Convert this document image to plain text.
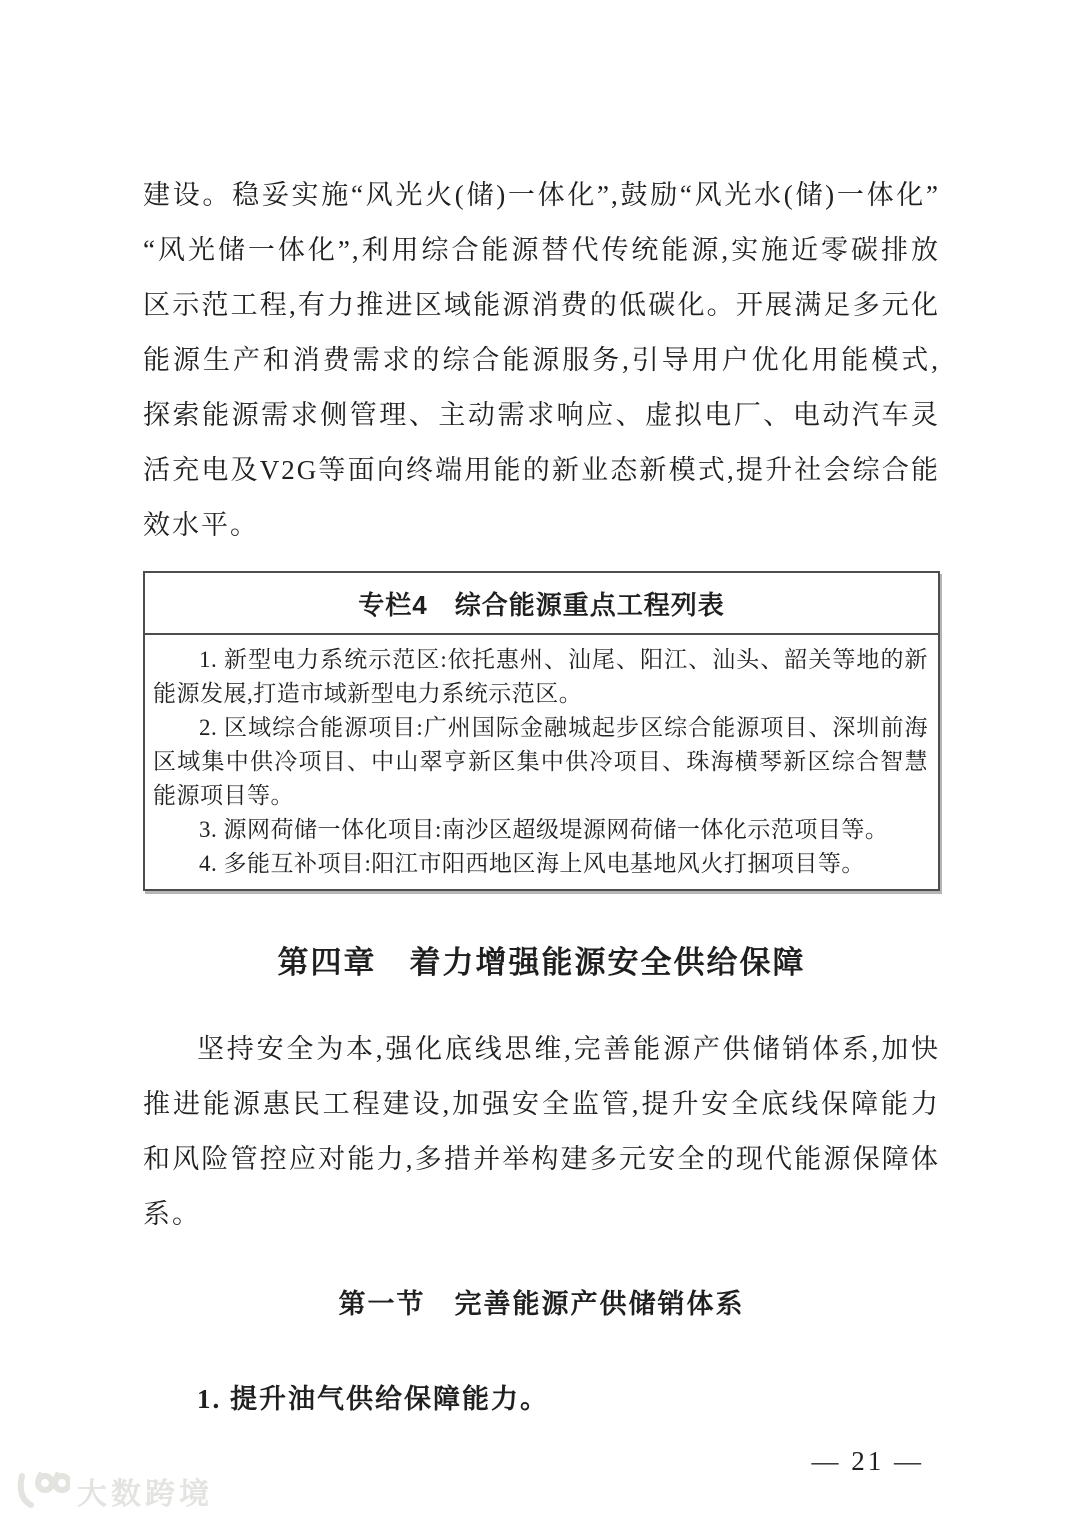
建设。稳妥实施“风光火(储)一体化”,鼓励“风光水(储)一体化”“风光储一体化”,利用综合能源替代传统能源,实施近零碳排放区示范工程,有力推进区域能源消费的低碳化。开展满足多元化能源生产和消费需求的综合能源服务,引导用户优化用能模式,探索能源需求侧管理、主动需求响应、虚拟电厂、电动汽车灵活充电及V2G等面向终端用能的新业态新模式,提升社会综合能效水平。

专栏4　综合能源重点工程列表

1. 新型电力系统示范区:依托惠州、汕尾、阳江、汕头、韶关等地的新能源发展,打造市域新型电力系统示范区。

2. 区域综合能源项目:广州国际金融城起步区综合能源项目、深圳前海区域集中供冷项目、中山翠亨新区集中供冷项目、珠海横琴新区综合智慧能源项目等。

3. 源网荷储一体化项目:南沙区超级堤源网荷储一体化示范项目等。

4. 多能互补项目:阳江市阳西地区海上风电基地风火打捆项目等。

第四章　着力增强能源安全供给保障

坚持安全为本,强化底线思维,完善能源产供储销体系,加快推进能源惠民工程建设,加强安全监管,提升安全底线保障能力和风险管控应对能力,多措并举构建多元安全的现代能源保障体系。

第一节　完善能源产供储销体系

1. 提升油气供给保障能力。

— 21 —
大数跨境
